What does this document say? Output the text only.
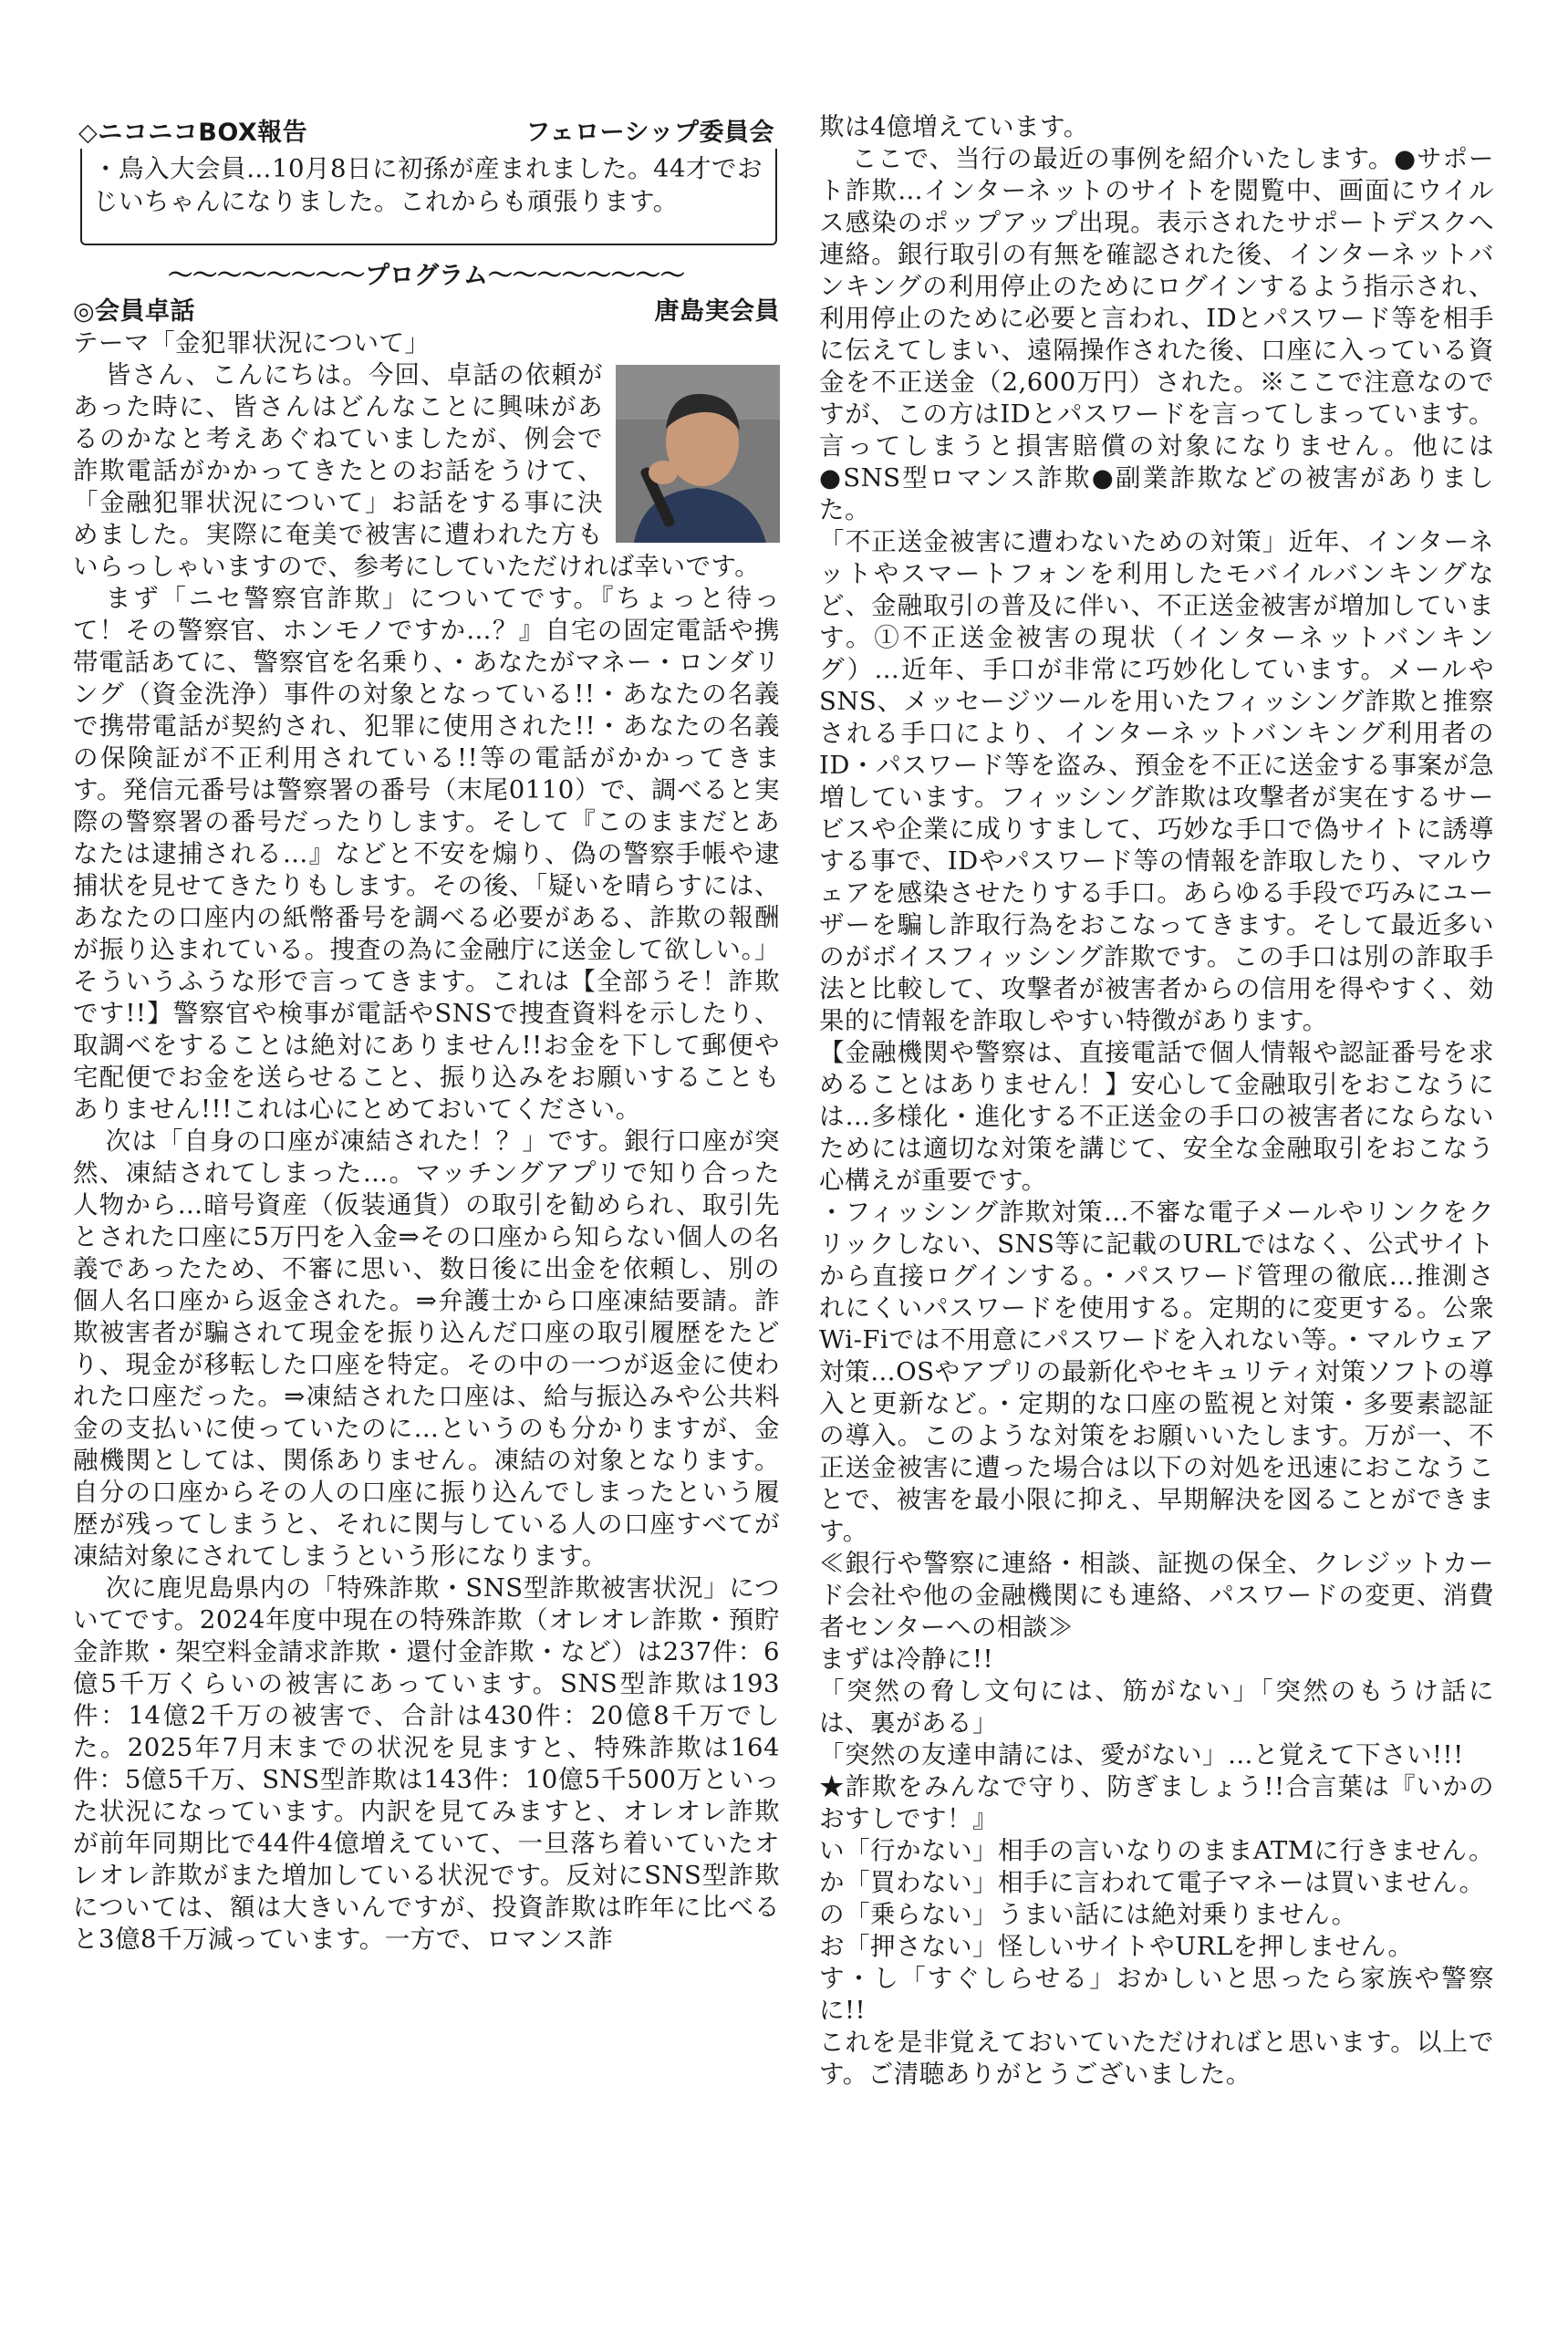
◇ニコニコBOX報告	フェローシップ委員会
・鳥入大会員…10月8日に初孫が産まれました。44才でおじいちゃんになりました。これからも頑張ります。
〜〜〜〜〜〜〜〜プログラム〜〜〜〜〜〜〜〜
◎会員卓話	唐島実会員

テーマ「金犯罪状況について」

皆さん、こんにちは。今回、卓話の依頼があった時に、皆さんはどんなことに興味があるのかなと考えあぐねていましたが、例会で詐欺電話がかかってきたとのお話をうけて、「金融犯罪状況について」お話をする事に決めました。実際に奄美で被害に遭われた方もいらっしゃいますので、参考にしていただければ幸いです。

まず「ニセ警察官詐欺」についてです。『ちょっと待って！その警察官、ホンモノですか…？』自宅の固定電話や携帯電話あてに、警察官を名乗り、・あなたがマネー・ロンダリング（資金洗浄）事件の対象となっている!!・あなたの名義で携帯電話が契約され、犯罪に使用された!!・あなたの名義の保険証が不正利用されている!!等の電話がかかってきます。発信元番号は警察署の番号（末尾0110）で、調べると実際の警察署の番号だったりします。そして『このままだとあなたは逮捕される…』などと不安を煽り、偽の警察手帳や逮捕状を見せてきたりもします。その後、「疑いを晴らすには、あなたの口座内の紙幣番号を調べる必要がある、詐欺の報酬が振り込まれている。捜査の為に金融庁に送金して欲しい。」そういうふうな形で言ってきます。これは【全部うそ！詐欺です!!】警察官や検事が電話やSNSで捜査資料を示したり、取調べをすることは絶対にありません!!お金を下して郵便や宅配便でお金を送らせること、振り込みをお願いすることもありません!!!これは心にとめておいてください。

次は「自身の口座が凍結された！？」です。銀行口座が突然、凍結されてしまった…。マッチングアプリで知り合った人物から…暗号資産（仮装通貨）の取引を勧められ、取引先とされた口座に5万円を入金⇒その口座から知らない個人の名義であったため、不審に思い、数日後に出金を依頼し、別の個人名口座から返金された。⇒弁護士から口座凍結要請。詐欺被害者が騙されて現金を振り込んだ口座の取引履歴をたどり、現金が移転した口座を特定。その中の一つが返金に使われた口座だった。⇒凍結された口座は、給与振込みや公共料金の支払いに使っていたのに…というのも分かりますが、金融機関としては、関係ありません。凍結の対象となります。自分の口座からその人の口座に振り込んでしまったという履歴が残ってしまうと、それに関与している人の口座すべてが凍結対象にされてしまうという形になります。

次に鹿児島県内の「特殊詐欺・SNS型詐欺被害状況」についてです。2024年度中現在の特殊詐欺（オレオレ詐欺・預貯金詐欺・架空料金請求詐欺・還付金詐欺・など）は237件：6億5千万くらいの被害にあっています。SNS型詐欺は193件：14億2千万の被害で、合計は430件：20億8千万でした。2025年7月末までの状況を見ますと、特殊詐欺は164件：5億5千万、SNS型詐欺は143件：10億5千500万といった状況になっています。内訳を見てみますと、オレオレ詐欺が前年同期比で44件4億増えていて、一旦落ち着いていたオレオレ詐欺がまた増加している状況です。反対にSNS型詐欺については、額は大きいんですが、投資詐欺は昨年に比べると3億8千万減っています。一方で、ロマンス詐

欺は4億増えています。

ここで、当行の最近の事例を紹介いたします。●サポート詐欺…インターネットのサイトを閲覧中、画面にウイルス感染のポップアップ出現。表示されたサポートデスクへ連絡。銀行取引の有無を確認された後、インターネットバンキングの利用停止のためにログインするよう指示され、利用停止のために必要と言われ、IDとパスワード等を相手に伝えてしまい、遠隔操作された後、口座に入っている資金を不正送金（2,600万円）された。※ここで注意なのですが、この方はIDとパスワードを言ってしまっています。言ってしまうと損害賠償の対象になりません。他には●SNS型ロマンス詐欺●副業詐欺などの被害がありました。

「不正送金被害に遭わないための対策」近年、インターネットやスマートフォンを利用したモバイルバンキングなど、金融取引の普及に伴い、不正送金被害が増加しています。①不正送金被害の現状（インターネットバンキング）…近年、手口が非常に巧妙化しています。メールやSNS、メッセージツールを用いたフィッシング詐欺と推察される手口により、インターネットバンキング利用者のID・パスワード等を盗み、預金を不正に送金する事案が急増しています。フィッシング詐欺は攻撃者が実在するサービスや企業に成りすまして、巧妙な手口で偽サイトに誘導する事で、IDやパスワード等の情報を詐取したり、マルウェアを感染させたりする手口。あらゆる手段で巧みにユーザーを騙し詐取行為をおこなってきます。そして最近多いのがボイスフィッシング詐欺です。この手口は別の詐取手法と比較して、攻撃者が被害者からの信用を得やすく、効果的に情報を詐取しやすい特徴があります。

【金融機関や警察は、直接電話で個人情報や認証番号を求めることはありません！】安心して金融取引をおこなうには…多様化・進化する不正送金の手口の被害者にならないためには適切な対策を講じて、安全な金融取引をおこなう心構えが重要です。

・フィッシング詐欺対策…不審な電子メールやリンクをクリックしない、SNS等に記載のURLではなく、公式サイトから直接ログインする。・パスワード管理の徹底…推測されにくいパスワードを使用する。定期的に変更する。公衆Wi-Fiでは不用意にパスワードを入れない等。・マルウェア対策…OSやアプリの最新化やセキュリティ対策ソフトの導入と更新など。・定期的な口座の監視と対策・多要素認証の導入。このような対策をお願いいたします。万が一、不正送金被害に遭った場合は以下の対処を迅速におこなうことで、被害を最小限に抑え、早期解決を図ることができます。

≪銀行や警察に連絡・相談、証拠の保全、クレジットカード会社や他の金融機関にも連絡、パスワードの変更、消費者センターへの相談≫

まずは冷静に!!

「突然の脅し文句には、筋がない」「突然のもうけ話には、裏がある」

「突然の友達申請には、愛がない」…と覚えて下さい!!!

★詐欺をみんなで守り、防ぎましょう!!合言葉は『いかのおすしです！』

い「行かない」相手の言いなりのままATMに行きません。

か「買わない」相手に言われて電子マネーは買いません。

の「乗らない」うまい話には絶対乗りません。

お「押さない」怪しいサイトやURLを押しません。

す・し「すぐしらせる」おかしいと思ったら家族や警察に!!

これを是非覚えておいていただければと思います。以上です。ご清聴ありがとうございました。
